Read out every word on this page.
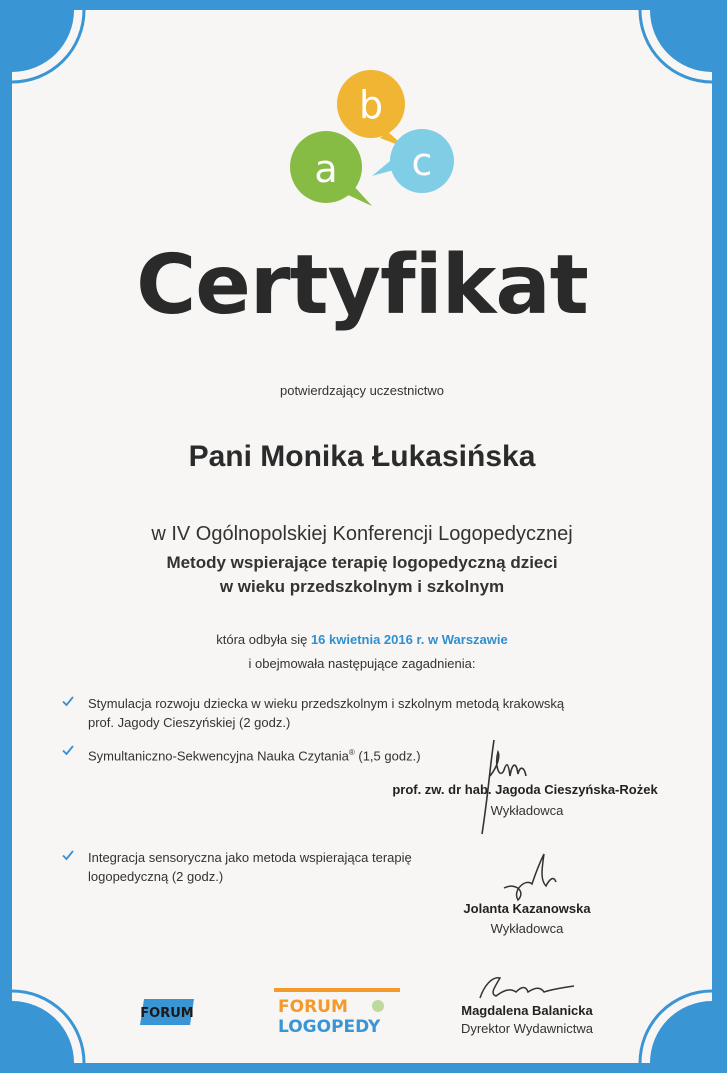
b
a c
Certyfikat
potwierdzający uczestnictwo
Pani Monika Łukasińska
w IV Ogólnopolskiej Konferencji Logopedycznej
Metody wspierające terapię logopedyczną dzieci
w wieku przedszkolnym i szkolnym
która odbyła się 16 kwietnia 2016 r. w Warszawie
i obejmowała następujące zagadnienia:
Stymulacja rozwoju dziecka w wieku przedszkolnym i szkolnym metodą krakowską
prof. Jagody Cieszyńskiej (2 godz.)
Symultaniczno-Sekwencyjna Nauka Czytania® (1,5 godz.)
Integracja sensoryczna jako metoda wspierająca terapię
logopedyczną (2 godz.)
prof. zw. dr hab. Jagoda Cieszyńska-Rożek
Wykładowca
Jolanta Kazanowska
Wykładowca
Magdalena Balanicka
Dyrektor Wydawnictwa
FORUM	FORUM
LOGOPEDY
